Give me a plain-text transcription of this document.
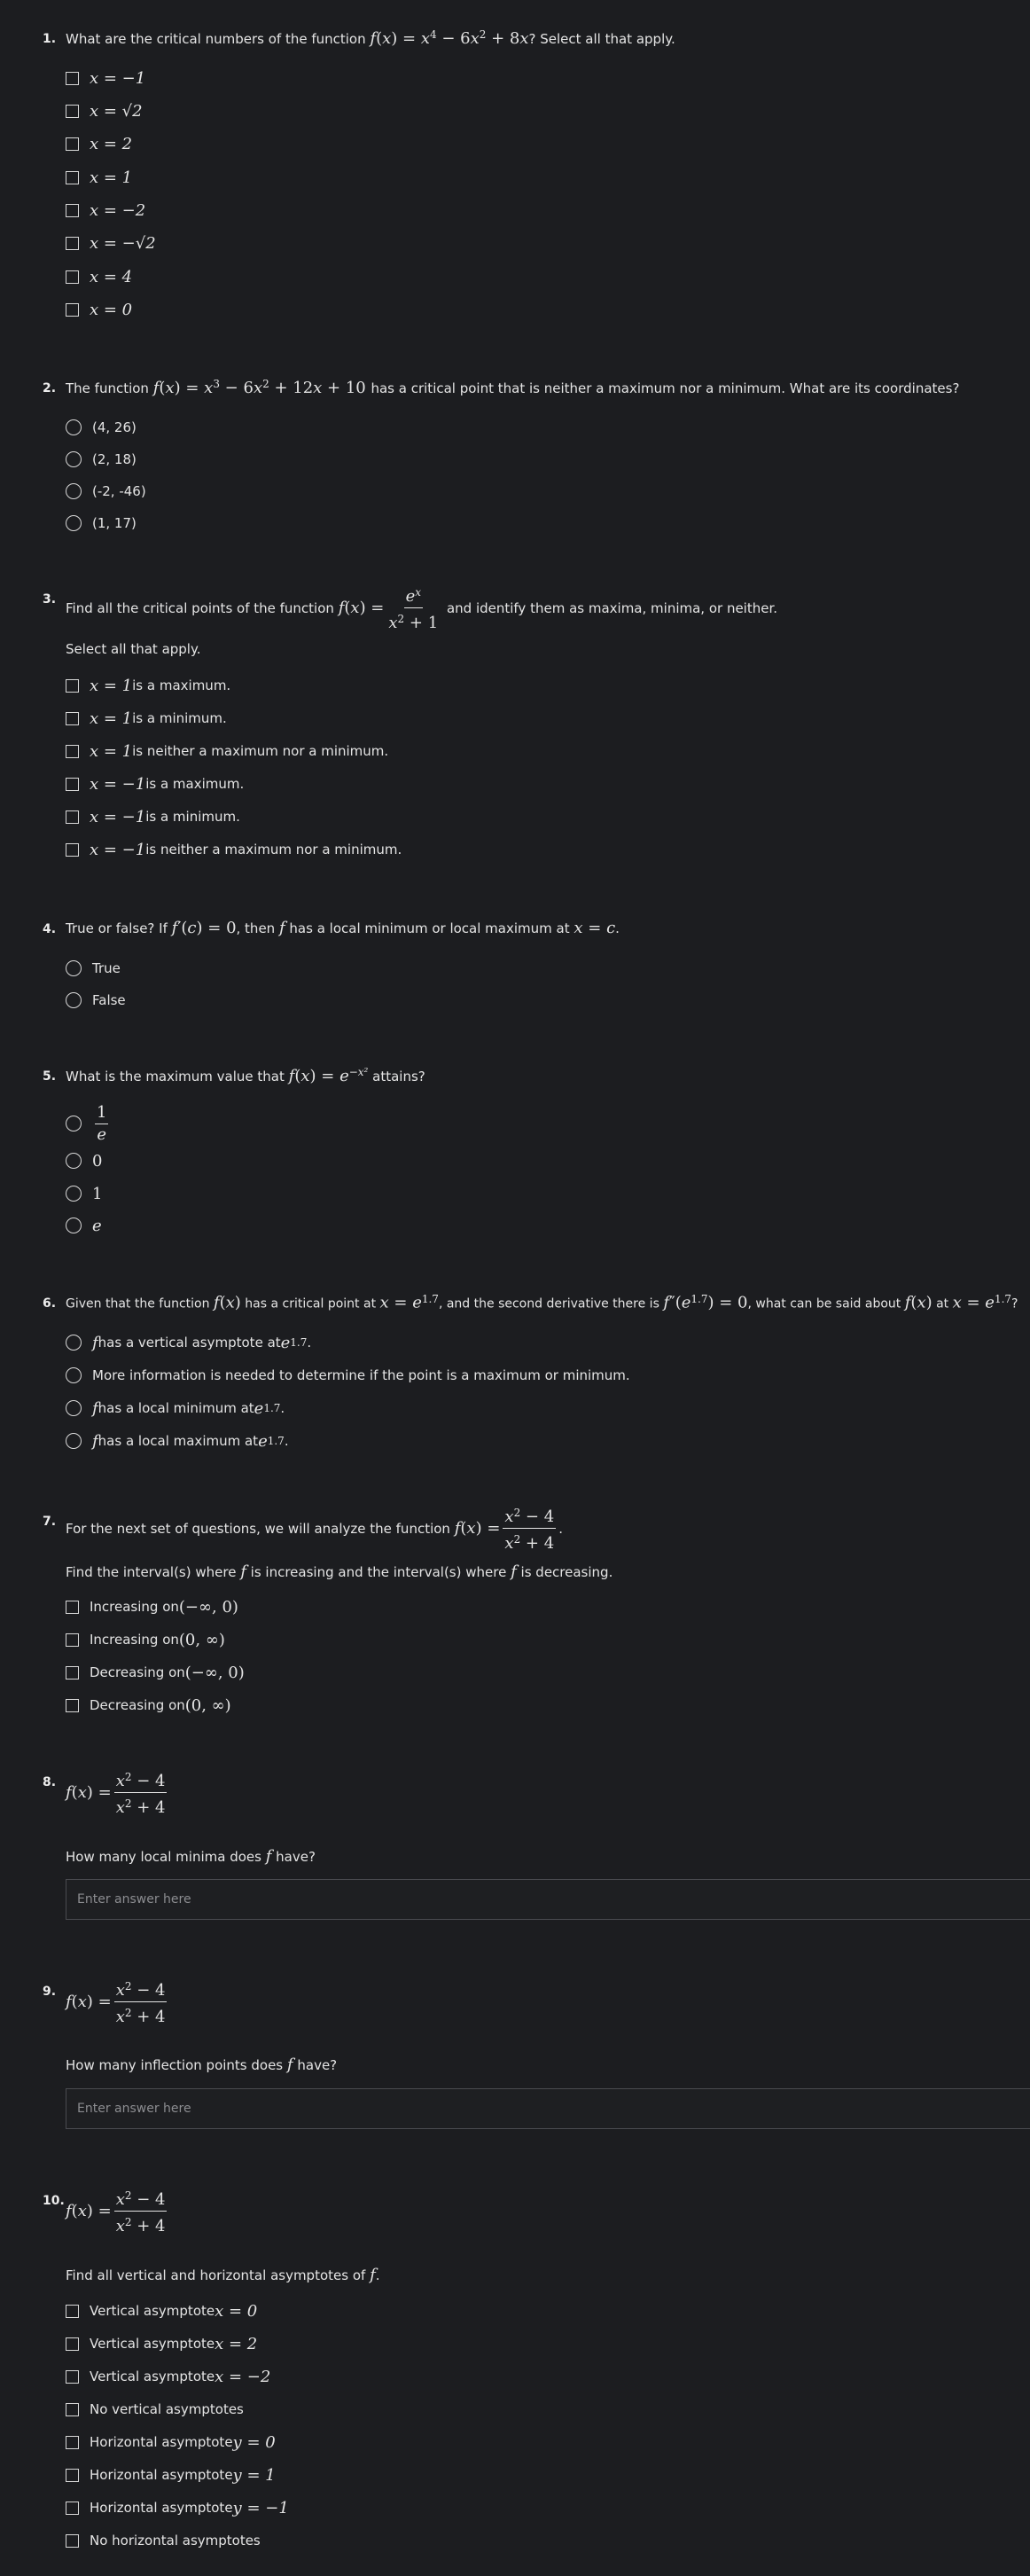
1. What are the critical numbers of the function $f(x) = x^4 - 6x^2 + 8x$? Select all that apply.
x = −1
x = √2
x = 2
x = 1
x = −2
x = −√2
x = 4
x = 0
2. The function $f(x) = x^3 - 6x^2 + 12x + 10$ has a critical point that is neither a maximum nor a minimum. What are its coordinates?
(4, 26)
(2, 18)
(-2, -46)
(1, 17)
3.
Find all the critical points of the function
f ( x ) = $\frac{e^x}{x^2 + 1}$
and identify them as maxima, minima, or neither.
Select all that apply.
x = 1 is a maximum.
x = 1 is a minimum.
x = 1 is neither a maximum nor a minimum.
x = −1 is a maximum.
x = −1 is a minimum.
x = −1 is neither a maximum nor a minimum.
4. True or false? If f′(c) = 0, then f has a local minimum or local maximum at x = c.
True
False
5. What is the maximum value that $f(x) = e^{-x^2}$ attains?
$\frac{1}{e}$
0
1
e
6. Given that the function f(x) has a critical point at $x = e^{1.7}$, and the second derivative there is $f''(e^{1.7}) = 0$, what can be said about f(x) at $x = e^{1.7}$?
f has a vertical asymptote at e 1.7 .
More information is needed to determine if the point is a maximum or minimum.
f has a local minimum at e 1.7 .
f has a local maximum at e 1.7 .
7. For the next set of questions, we will analyze the function
f ( x ) = $\frac{x^2 - 4}{x^2 + 4}$ .
Find the interval(s) where f is increasing and the interval(s) where f is decreasing.
Increasing on (−∞, 0)
Increasing on (0, ∞)
Decreasing on (−∞, 0)
Decreasing on (0, ∞)
8.
f ( x ) = $\frac{x^2 - 4}{x^2 + 4}$
How many local minima does f have?
Enter answer here
9.
f ( x ) = $\frac{x^2 - 4}{x^2 + 4}$
How many inflection points does f have?
Enter answer here
10.
f ( x ) = $\frac{x^2 - 4}{x^2 + 4}$
Find all vertical and horizontal asymptotes of f.
Vertical asymptote x = 0
Vertical asymptote x = 2
Vertical asymptote x = −2
No vertical asymptotes
Horizontal asymptote y = 0
Horizontal asymptote y = 1
Horizontal asymptote y = −1
No horizontal asymptotes
